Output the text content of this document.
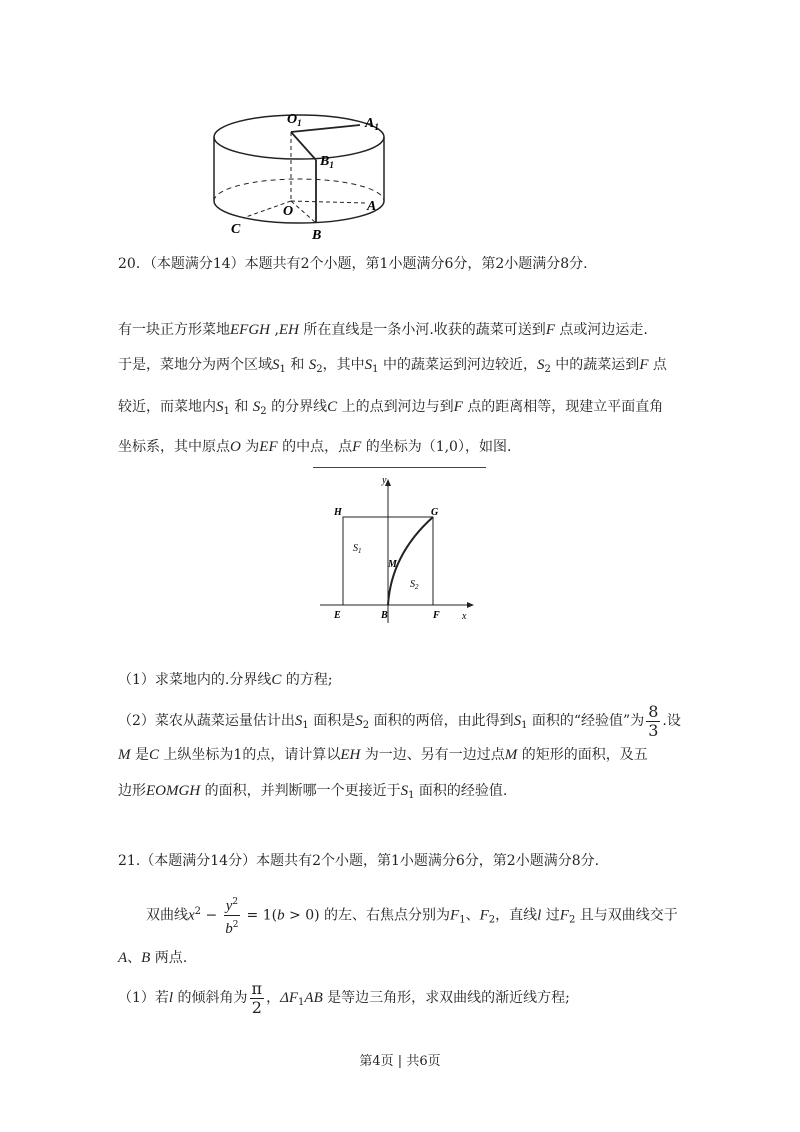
$O_1$	$A_1$
$B_1$
O	A
C	B
20．（本题满分14）本题共有2个小题，第1小题满分6分，第2小题满分8分.
有一块正方形菜地EFGH ,EH 所在直线是一条小河.收获的蔬菜可送到F 点或河边运走.
于是，菜地分为两个区域$S_1$ 和 $S_2$，其中$S_1$ 中的蔬菜运到河边较近，$S_2$ 中的蔬菜运到F 点
较近，而菜地内$S_1$ 和 $S_2$ 的分界线C 上的点到河边与到F 点的距离相等，现建立平面直角
坐标系，其中原点O 为EF 的中点，点F 的坐标为（1,0），如图.
y
H	G
$S_1$
M
$S_2$
E	B	F x
（1）求菜地内的.分界线C 的方程;
（2）菜农从蔬菜运量估计出$S_1$ 面积是$S_2$ 面积的两倍，由此得到$S_1$ 面积的“经验值”为 $\frac{8}{3}$ .设
M 是C 上纵坐标为1的点，请计算以EH 为一边、另有一边过点M 的矩形的面积，及五
边形EOMGH 的面积，并判断哪一个更接近于$S_1$ 面积的经验值.
21.（本题满分14分）本题共有2个小题，第1小题满分6分，第2小题满分8分.
双曲线$x^2 - \frac{y^2}{b^2} = 1(b > 0)$ 的左、右焦点分别为$F_1$、$F_2$，直线l 过$F_2$ 且与双曲线交于
A、B 两点.
（1）若l 的倾斜角为 $\frac{\pi}{2}$ ，$\Delta F_1AB$ 是等边三角形，求双曲线的渐近线方程;
第4页 | 共6页
